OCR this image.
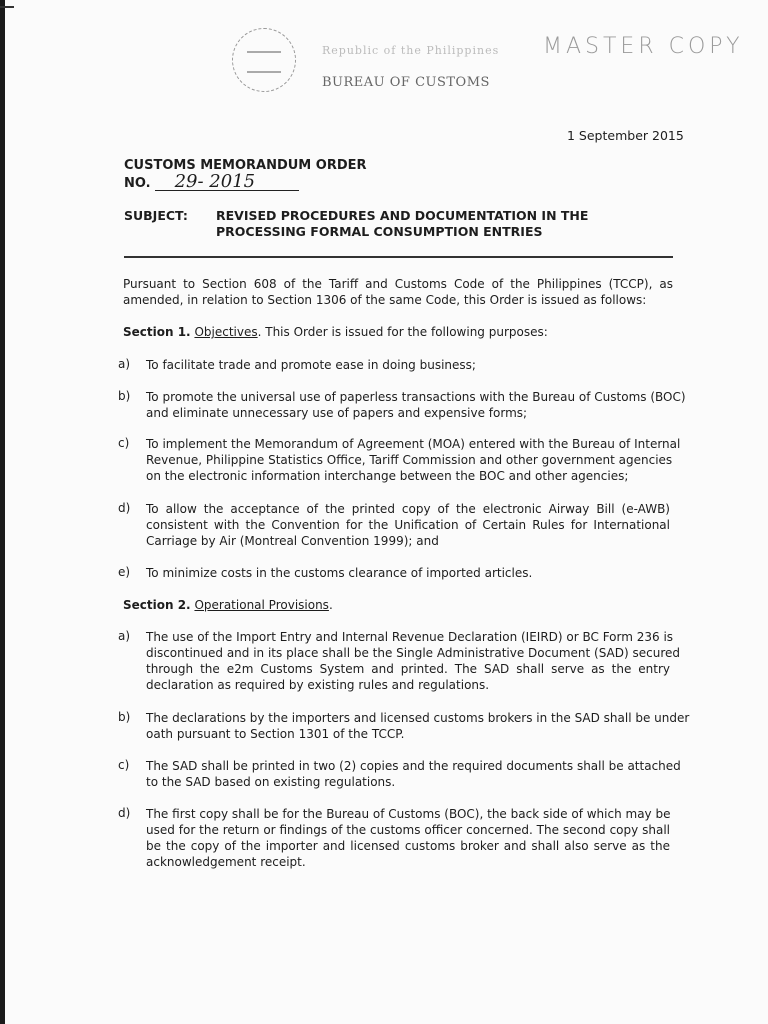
Republic of the Philippines
BUREAU OF CUSTOMS
MASTER COPY
1 September 2015
CUSTOMS MEMORANDUM ORDER
NO. 29- 2015
SUBJECT: REVISED PROCEDURES AND DOCUMENTATION IN THE PROCESSING FORMAL CONSUMPTION ENTRIES
Pursuant to Section 608 of the Tariff and Customs Code of the Philippines (TCCP), as
amended, in relation to Section 1306 of the same Code, this Order is issued as follows:
Section 1. Objectives. This Order is issued for the following purposes:
a) To facilitate trade and promote ease in doing business;
b) To promote the universal use of paperless transactions with the Bureau of Customs (BOC)
and eliminate unnecessary use of papers and expensive forms;
c) To implement the Memorandum of Agreement (MOA) entered with the Bureau of Internal
Revenue, Philippine Statistics Office, Tariff Commission and other government agencies
on the electronic information interchange between the BOC and other agencies;
d) To allow the acceptance of the printed copy of the electronic Airway Bill (e-AWB)
consistent with the Convention for the Unification of Certain Rules for International
Carriage by Air (Montreal Convention 1999); and
e) To minimize costs in the customs clearance of imported articles.
Section 2. Operational Provisions.
a) The use of the Import Entry and Internal Revenue Declaration (IEIRD) or BC Form 236 is
discontinued and in its place shall be the Single Administrative Document (SAD) secured
through the e2m Customs System and printed. The SAD shall serve as the entry
declaration as required by existing rules and regulations.
b) The declarations by the importers and licensed customs brokers in the SAD shall be under
oath pursuant to Section 1301 of the TCCP.
c) The SAD shall be printed in two (2) copies and the required documents shall be attached
to the SAD based on existing regulations.
d) The first copy shall be for the Bureau of Customs (BOC), the back side of which may be
used for the return or findings of the customs officer concerned. The second copy shall
be the copy of the importer and licensed customs broker and shall also serve as the
acknowledgement receipt.
